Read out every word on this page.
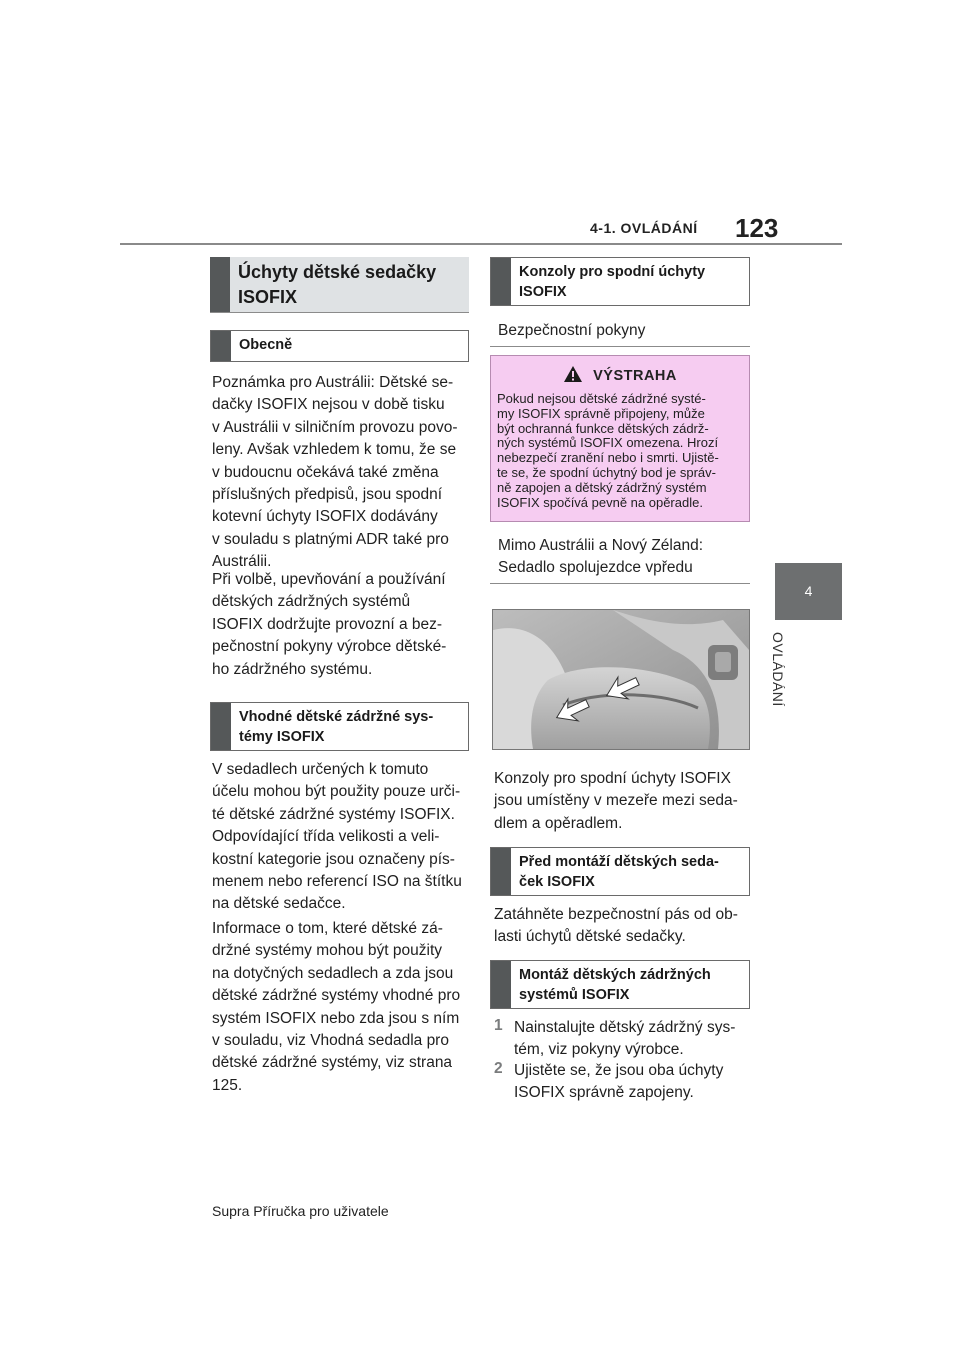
4-1. OVLÁDÁNÍ 123
4
OVLÁDÁNÍ
Úchyty dětské sedačky
ISOFIX
Obecně
Poznámka pro Austrálii: Dětské se-
dačky ISOFIX nejsou v době tisku
v Austrálii v silničním provozu povo-
leny. Avšak vzhledem k tomu, že se
v budoucnu očekává také změna
příslušných předpisů, jsou spodní
kotevní úchyty ISOFIX dodávány
v souladu s platnými ADR také pro
Austrálii.
Při volbě, upevňování a používání
dětských zádržných systémů
ISOFIX dodržujte provozní a bez-
pečnostní pokyny výrobce dětské-
ho zádržného systému.
Vhodné dětské zádržné sys-
témy ISOFIX
V sedadlech určených k tomuto
účelu mohou být použity pouze urči-
té dětské zádržné systémy ISOFIX.
Odpovídající třída velikosti a veli-
kostní kategorie jsou označeny pís-
menem nebo referencí ISO na štítku
na dětské sedačce.
Informace o tom, které dětské zá-
držné systémy mohou být použity
na dotyčných sedadlech a zda jsou
dětské zádržné systémy vhodné pro
systém ISOFIX nebo zda jsou s ním
v souladu, viz Vhodná sedadla pro
dětské zádržné systémy, viz strana
125.
Konzoly pro spodní úchyty
ISOFIX
Bezpečnostní pokyny
VÝSTRAHA
Pokud nejsou dětské zádržné systé-
my ISOFIX správně připojeny, může
být ochranná funkce dětských zádrž-
ných systémů ISOFIX omezena. Hrozí
nebezpečí zranění nebo i smrti. Ujistě-
te se, že spodní úchytný bod je správ-
ně zapojen a dětský zádržný systém
ISOFIX spočívá pevně na opěradle.
Mimo Austrálii a Nový Zéland:
Sedadlo spolujezdce vpředu
Konzoly pro spodní úchyty ISOFIX
jsou umístěny v mezeře mezi seda-
dlem a opěradlem.
Před montáží dětských seda-
ček ISOFIX
Zatáhněte bezpečnostní pás od ob-
lasti úchytů dětské sedačky.
Montáž dětských zádržných
systémů ISOFIX
1 Nainstalujte dětský zádržný sys-
tém, viz pokyny výrobce.
2 Ujistěte se, že jsou oba úchyty
ISOFIX správně zapojeny.
Supra Příručka pro uživatele
